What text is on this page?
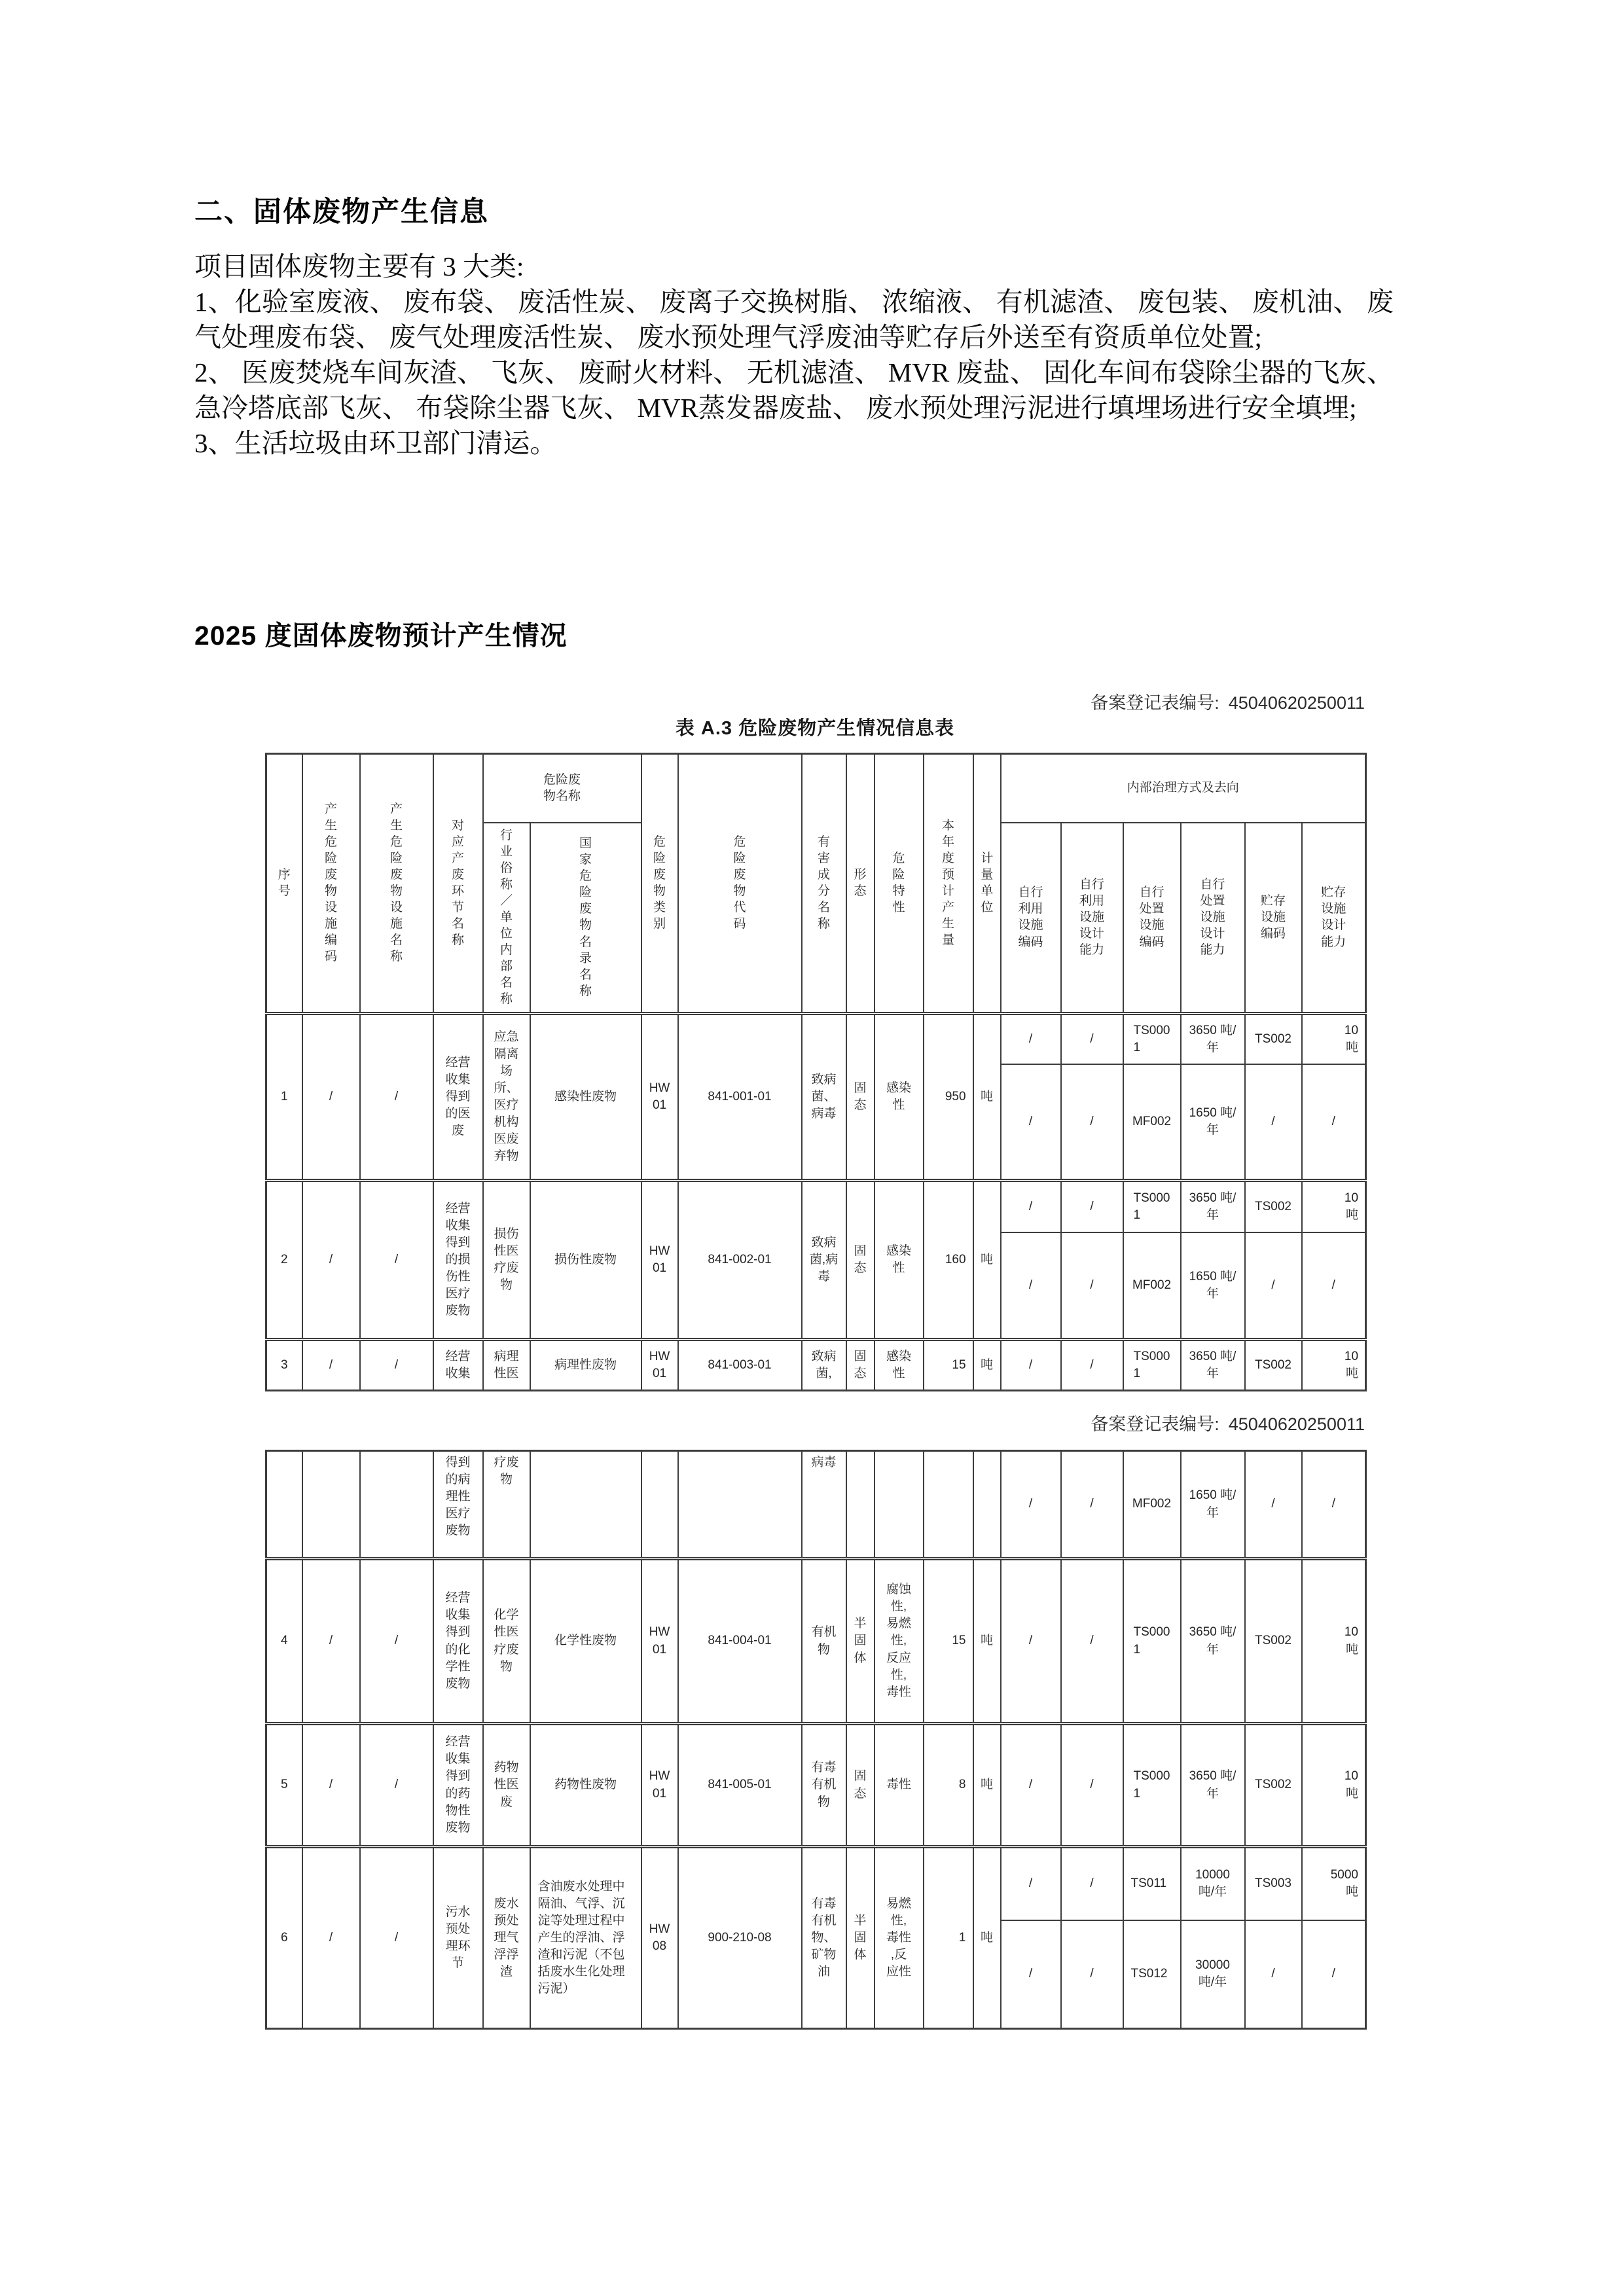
二、固体废物产生信息

项目固体废物主要有 3 大类:

1、化验室废液、 废布袋、 废活性炭、 废离子交换树脂、 浓缩液、 有机滤渣、 废包装、 废机油、 废气处理废布袋、 废气处理废活性炭、 废水预处理气浮废油等贮存后外送至有资质单位处置;

2、 医废焚烧车间灰渣、 飞灰、 废耐火材料、 无机滤渣、 MVR 废盐、 固化车间布袋除尘器的飞灰、 急冷塔底部飞灰、 布袋除尘器飞灰、 MVR蒸发器废盐、 废水预处理污泥进行填埋场进行安全填埋;

3、生活垃圾由环卫部门清运。

2025 度固体废物预计产生情况
备案登记表编号: 45040620250011
表 A.3 危险废物产生情况信息表
序号	产生危险废物设施编码	产生危险废物设施名称	对应产废环节名称	危险废物名称		危险废物类别	危险废物代码	有害成分名称	形态	危险特性	本年度预计产生量	计量单位	内部治理方式及去向					
				行业俗称／单位内部名称	国家危险废物名录名称								自行利用设施编码	自行利用设施设计能力	自行处置设施编码	自行处置设施设计能力	贮存设施编码	贮存设施设计能力
1	/	/	经营收集得到的医废	应急隔离场所、医疗机构医废弃物	感染性废物	HW01	841-001-01	致病菌、病毒	固态	感染性	950	吨	/	/	TS0001	3650 吨/年	TS002	10
吨
													/	/	MF002	1650 吨/年	/	/
2	/	/	经营收集得到的损伤性医疗废物	损伤性医疗废物	损伤性废物	HW01	841-002-01	致病菌,病毒	固态	感染性	160	吨	/	/	TS0001	3650 吨/年	TS002	10
吨
													/	/	MF002	1650 吨/年	/	/
3	/	/	经营收集	病理性医	病理性废物	HW01	841-003-01	致病菌,	固态	感染性	15	吨	/	/	TS0001	3650 吨/年	TS002	10
吨
备案登记表编号: 45040620250011
			得到的病理性医疗废物	疗废物				病毒					/	/	MF002	1650 吨/年	/	/
4	/	/	经营收集得到的化学性废物	化学性医疗废物	化学性废物	HW01	841-004-01	有机物	半固体	腐蚀性,易燃性,反应性,毒性	15	吨	/	/	TS0001	3650 吨/年	TS002	10
吨
5	/	/	经营收集得到的药物性废物	药物性医废	药物性废物	HW01	841-005-01	有毒有机物	固态	毒性	8	吨	/	/	TS0001	3650 吨/年	TS002	10
吨
6	/	/	污水预处理环节	废水预处理气浮浮渣	含油废水处理中隔油、气浮、沉淀等处理过程中产生的浮油、浮渣和污泥（不包括废水生化处理
污泥）	HW08	900-210-08	有毒有机物、矿物油	半固体	易燃性,毒性,反应性	1	吨	/	/	TS011	10000 吨/年	TS003	5000
吨
													/	/	TS012	30000 吨/年	/	/
